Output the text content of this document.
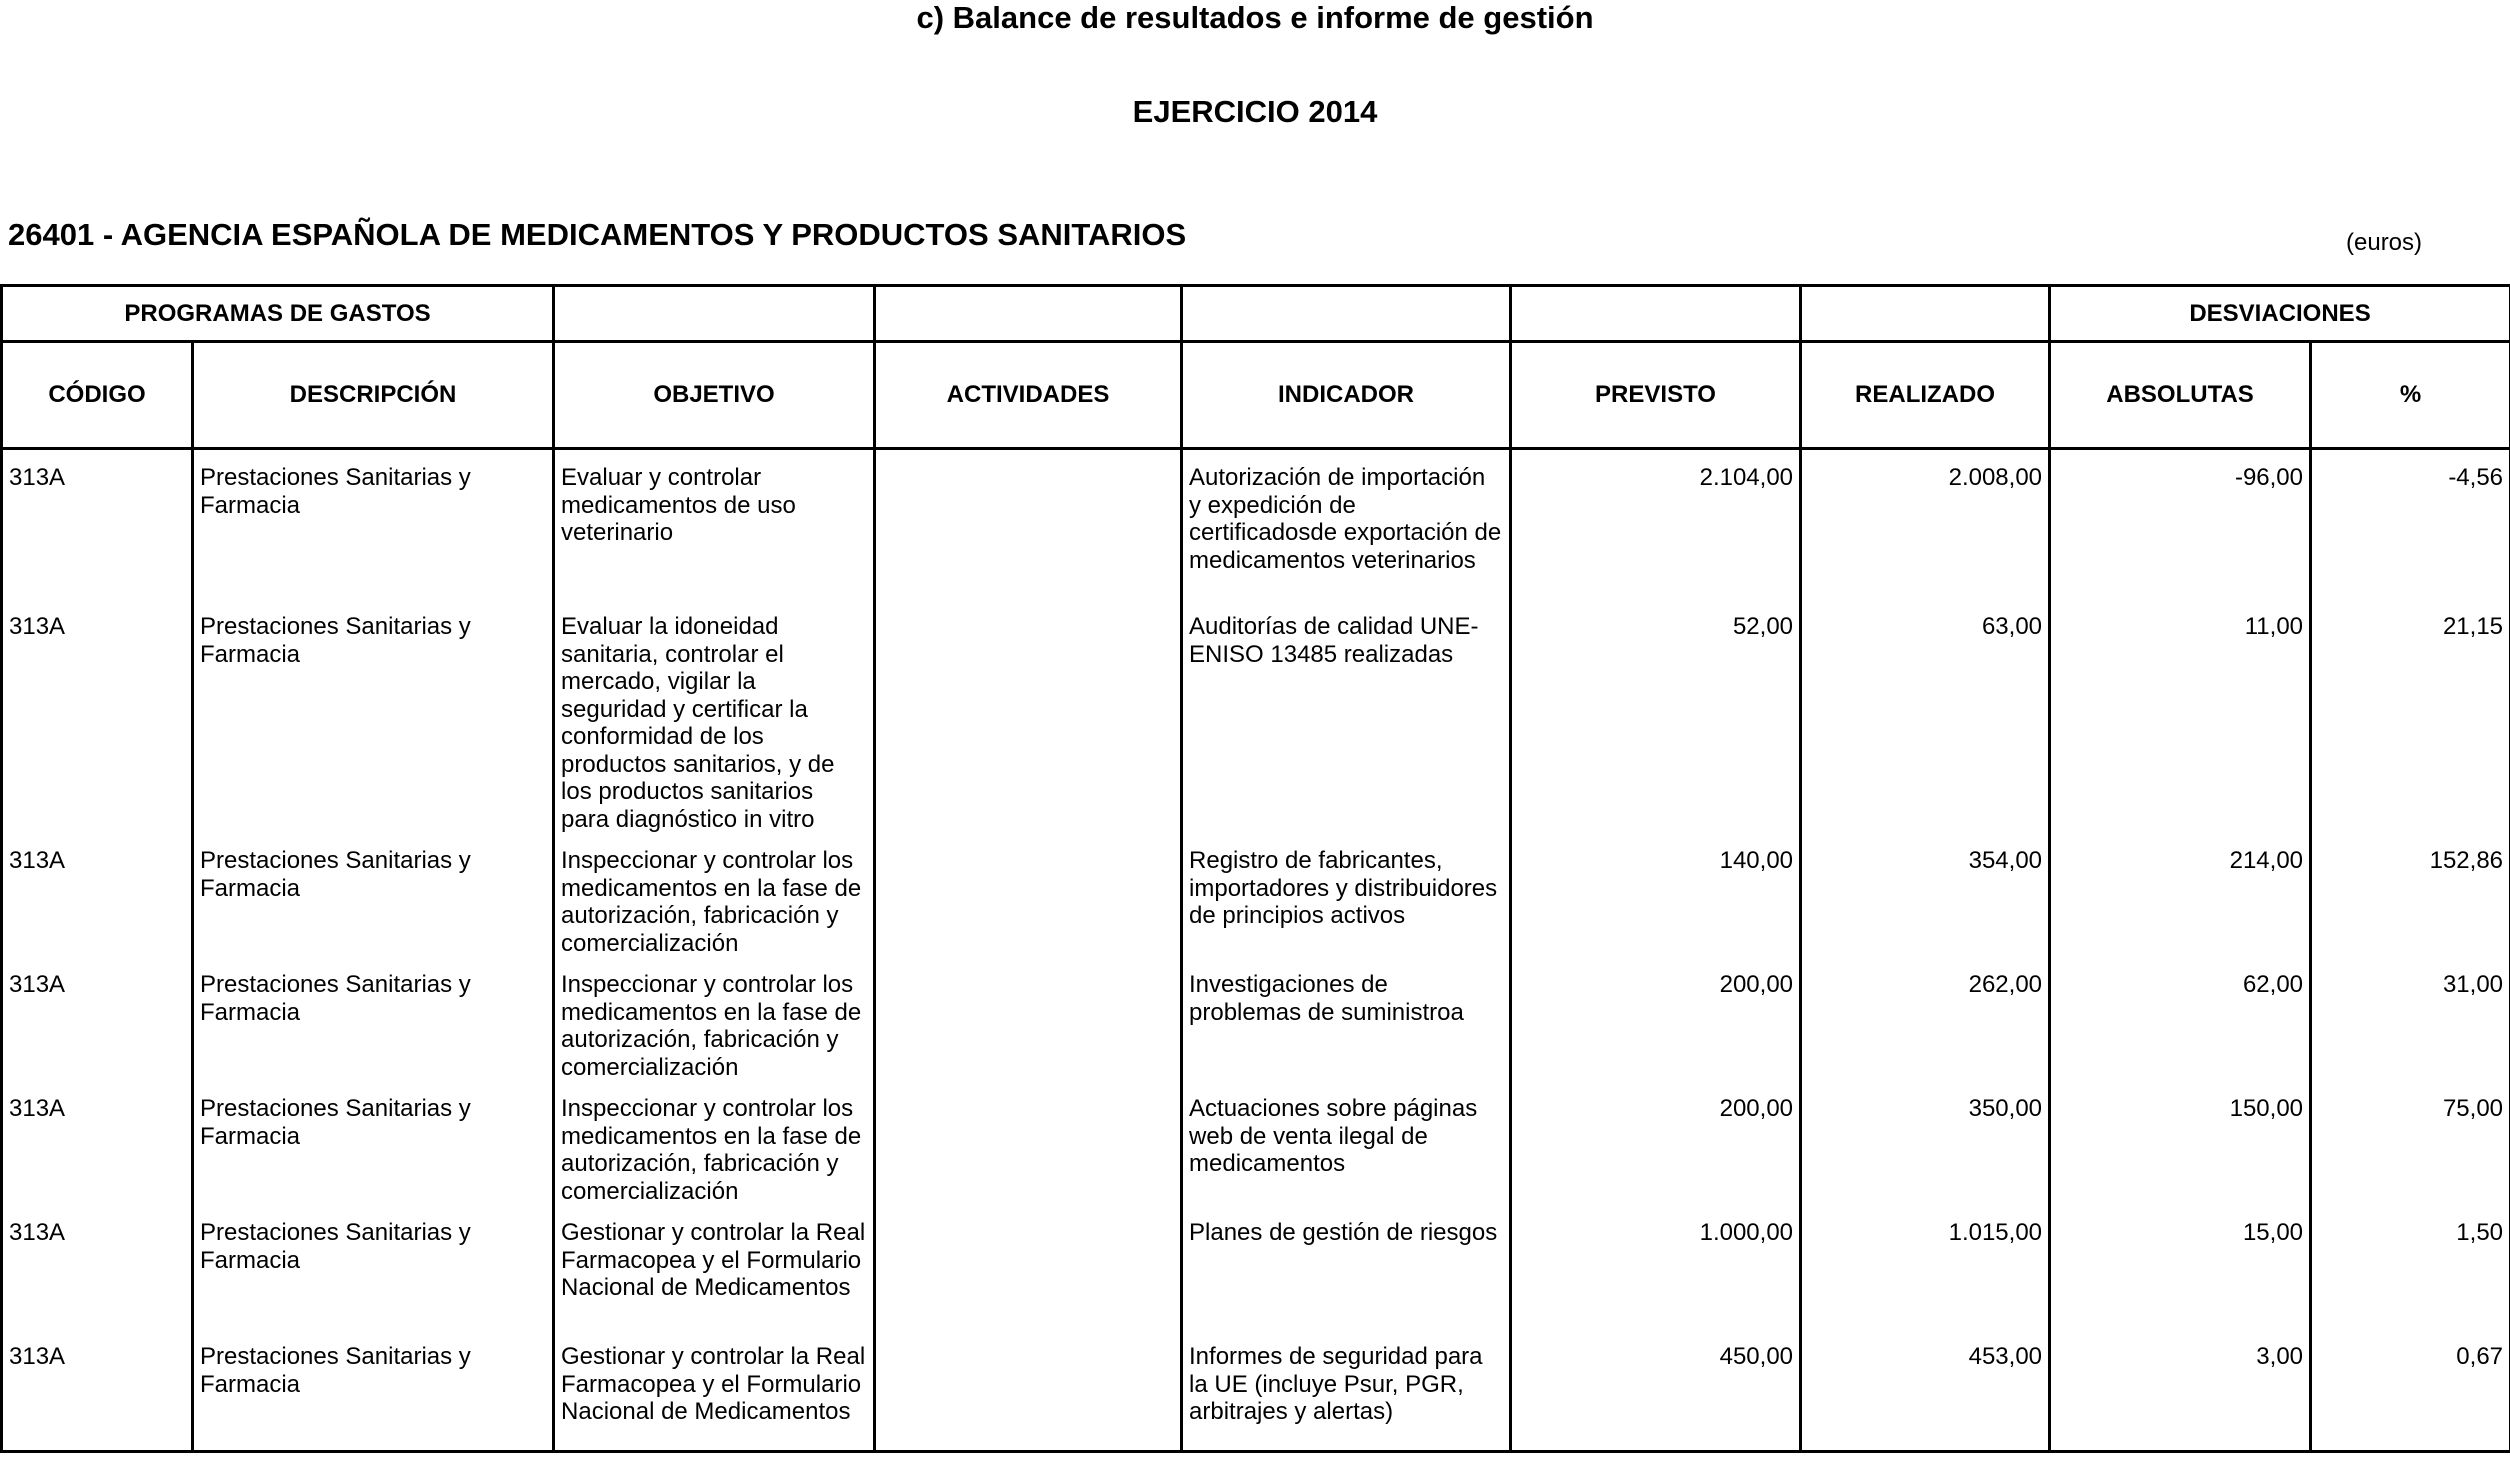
c) Balance de resultados e informe de gestión
EJERCICIO 2014
26401 - AGENCIA ESPAÑOLA DE MEDICAMENTOS Y PRODUCTOS SANITARIOS	(euros)
PROGRAMAS DE GASTOS							DESVIACIONES	
CÓDIGO	DESCRIPCIÓN	OBJETIVO	ACTIVIDADES	INDICADOR	PREVISTO	REALIZADO	ABSOLUTAS	%
313A	Prestaciones Sanitarias y Farmacia	Evaluar y controlar medicamentos de uso veterinario		Autorización de importación y expedición de certificadosde exportación de medicamentos veterinarios	2.104,00	2.008,00	-96,00	-4,56
313A	Prestaciones Sanitarias y Farmacia	Evaluar la idoneidad sanitaria, controlar el mercado, vigilar la seguridad y certificar la conformidad de los productos sanitarios, y de los productos sanitarios para diagnóstico in vitro		Auditorías de calidad UNE-ENISO 13485 realizadas	52,00	63,00	11,00	21,15
313A	Prestaciones Sanitarias y Farmacia	Inspeccionar y controlar los medicamentos en la fase de autorización, fabricación y comercialización		Registro de fabricantes, importadores y distribuidores de principios activos	140,00	354,00	214,00	152,86
313A	Prestaciones Sanitarias y Farmacia	Inspeccionar y controlar los medicamentos en la fase de autorización, fabricación y comercialización		Investigaciones de problemas de suministroa	200,00	262,00	62,00	31,00
313A	Prestaciones Sanitarias y Farmacia	Inspeccionar y controlar los medicamentos en la fase de autorización, fabricación y comercialización		Actuaciones sobre páginas web de venta ilegal de medicamentos	200,00	350,00	150,00	75,00
313A	Prestaciones Sanitarias y Farmacia	Gestionar y controlar la Real Farmacopea y el Formulario Nacional de Medicamentos		Planes de gestión de riesgos	1.000,00	1.015,00	15,00	1,50
313A	Prestaciones Sanitarias y Farmacia	Gestionar y controlar la Real Farmacopea y el Formulario Nacional de Medicamentos		Informes de seguridad para la UE (incluye Psur, PGR, arbitrajes y alertas)	450,00	453,00	3,00	0,67
